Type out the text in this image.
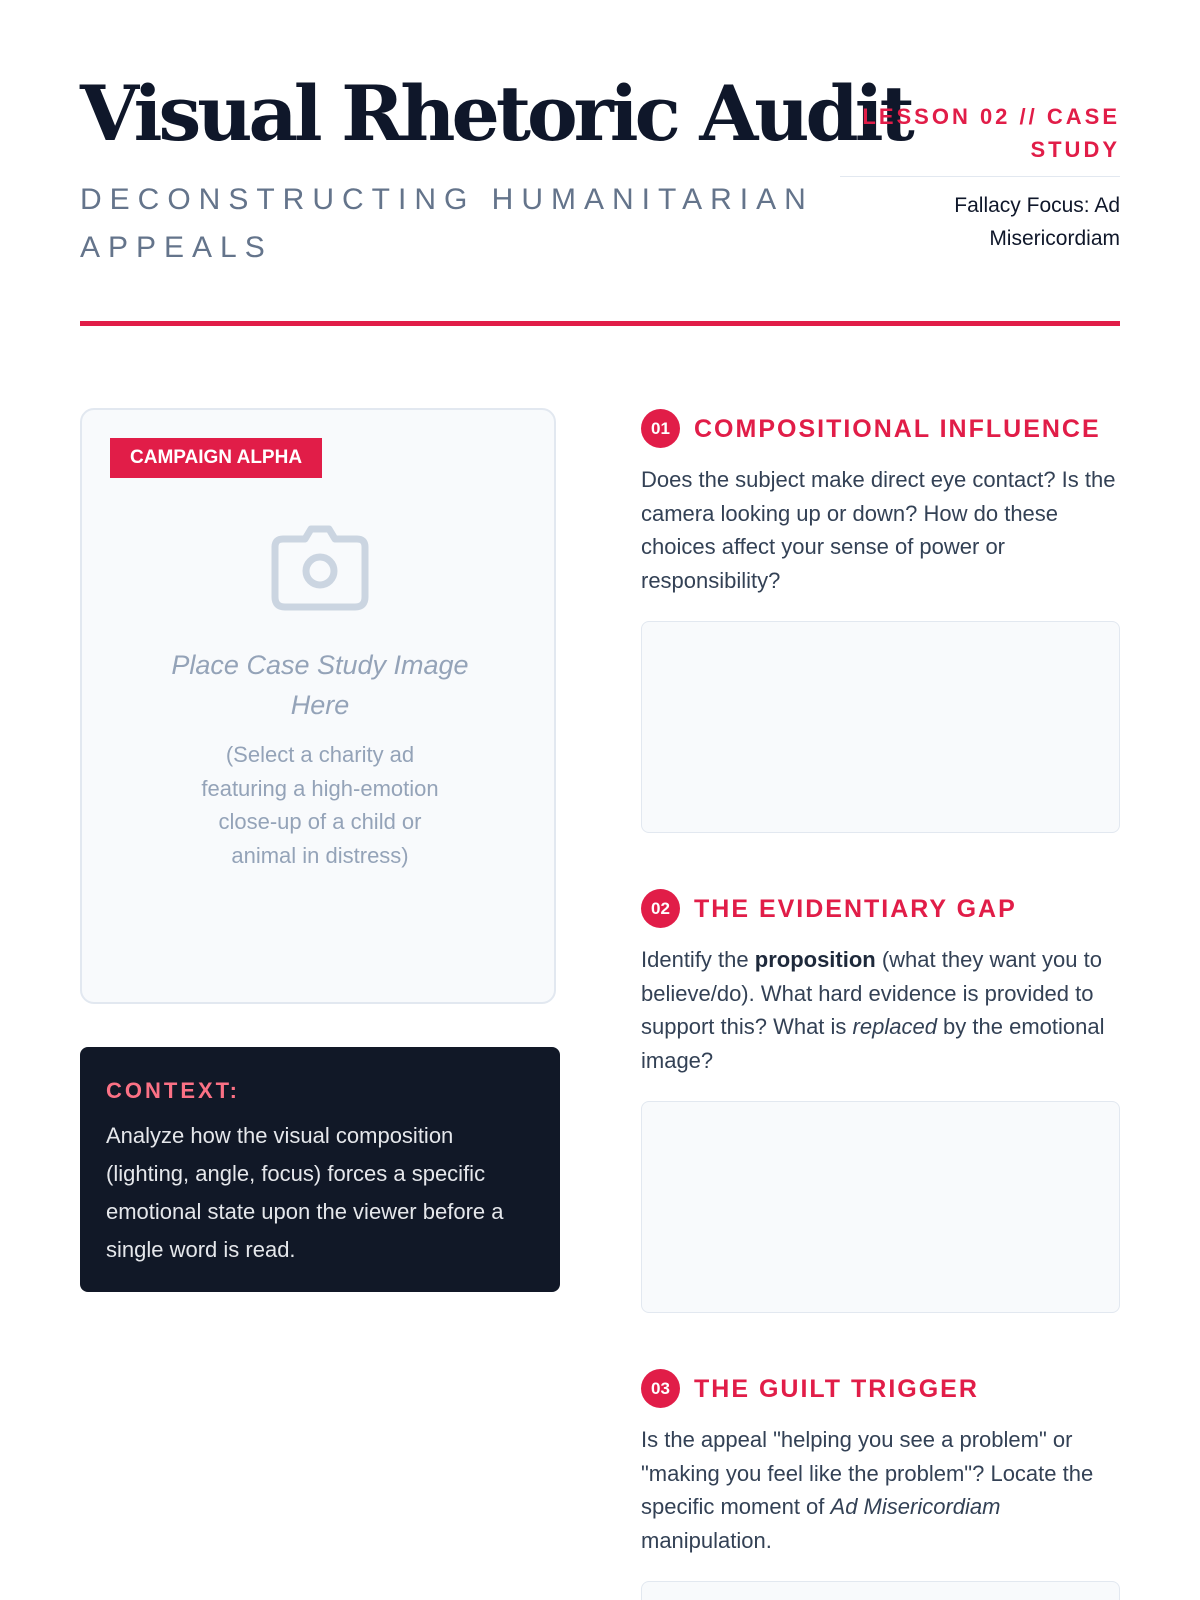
Visual Rhetoric Audit
DECONSTRUCTING HUMANITARIAN APPEALS
LESSON 02 // CASE STUDY
Fallacy Focus: Ad Misericordiam
CAMPAIGN ALPHA
Place Case Study Image Here
(Select a charity ad featuring a high-emotion close-up of a child or animal in distress)
CONTEXT:
Analyze how the visual composition (lighting, angle, focus) forces a specific emotional state upon the viewer before a single word is read.
01 COMPOSITIONAL INFLUENCE
Does the subject make direct eye contact? Is the camera looking up or down? How do these choices affect your sense of power or responsibility?
02 THE EVIDENTIARY GAP
Identify the proposition (what they want you to believe/do). What hard evidence is provided to support this? What is replaced by the emotional image?
03 THE GUILT TRIGGER
Is the appeal "helping you see a problem" or "making you feel like the problem"? Locate the specific moment of Ad Misericordiam manipulation.
